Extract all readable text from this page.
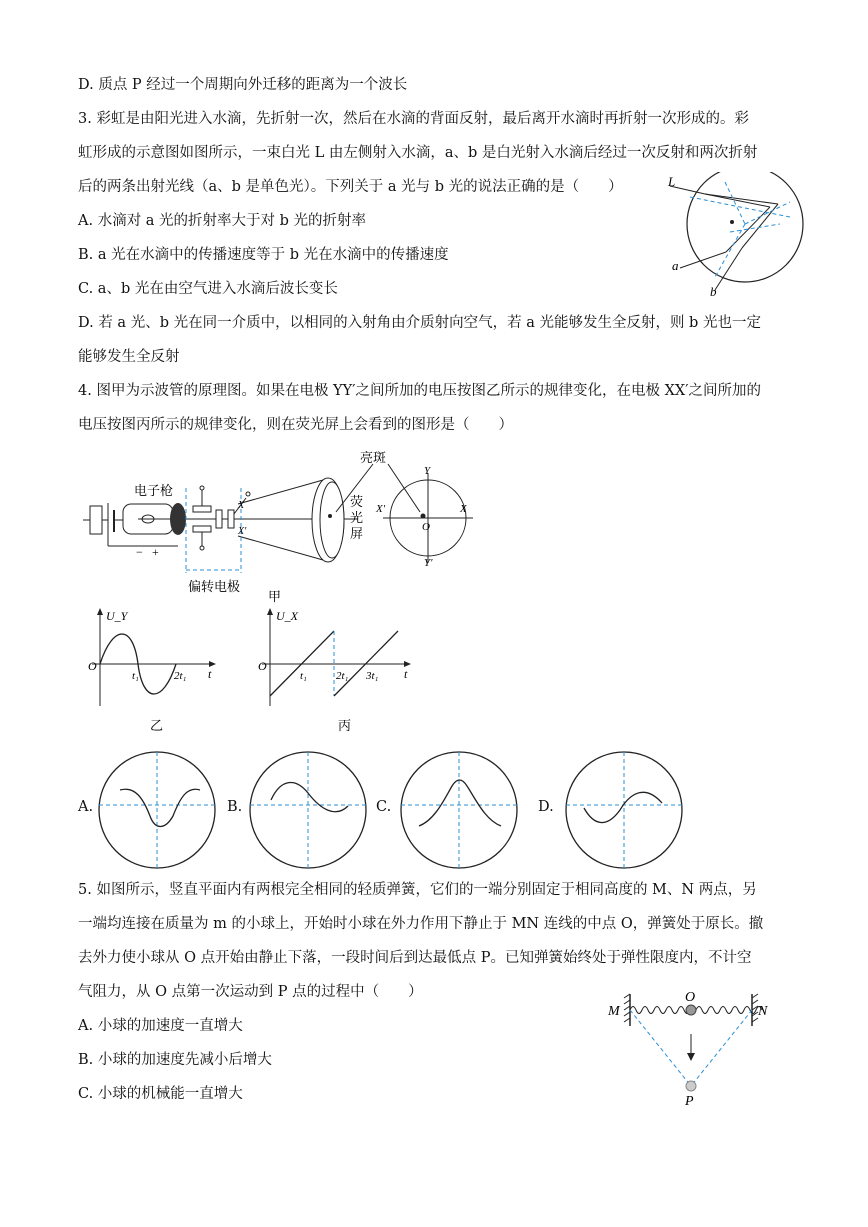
D. 质点 P 经过一个周期向外迁移的距离为一个波长
3. 彩虹是由阳光进入水滴，先折射一次，然后在水滴的背面反射，最后离开水滴时再折射一次形成的。彩
虹形成的示意图如图所示，一束白光 L 由左侧射入水滴，a、b 是白光射入水滴后经过一次反射和两次折射
后的两条出射光线（a、b 是单色光）。下列关于 a 光与 b 光的说法正确的是（　　）
A. 水滴对 a 光的折射率大于对 b 光的折射率
B. a 光在水滴中的传播速度等于 b 光在水滴中的传播速度
C. a、b 光在由空气进入水滴后波长变长
D. 若 a 光、b 光在同一介质中，以相同的入射角由介质射向空气，若 a 光能够发生全反射，则 b 光也一定
能够发生全反射
L
a
b
4. 图甲为示波管的原理图。如果在电极 YY′之间所加的电压按图乙所示的规律变化，在电极 XX′之间所加的
电压按图丙所示的规律变化，则在荧光屏上会看到的图形是（　　）
电子枪
亮斑
荧
光
屏
偏转电极
甲
Y
Y′
X
X′
O
X
X′
− +
U_Y
O
t₁	2t₁ t
乙
U_X
O
t₁	2t₁ 3t₁ t
丙
A.	B.	C.	D.
5. 如图所示，竖直平面内有两根完全相同的轻质弹簧，它们的一端分别固定于相同高度的 M、N 两点，另
一端均连接在质量为 m 的小球上，开始时小球在外力作用下静止于 MN 连线的中点 O，弹簧处于原长。撤
去外力使小球从 O 点开始由静止下落，一段时间后到达最低点 P。已知弹簧始终处于弹性限度内，不计空
气阻力，从 O 点第一次运动到 P 点的过程中（　　）
A. 小球的加速度一直增大
B. 小球的加速度先减小后增大
C. 小球的机械能一直增大
M	N
O
P
